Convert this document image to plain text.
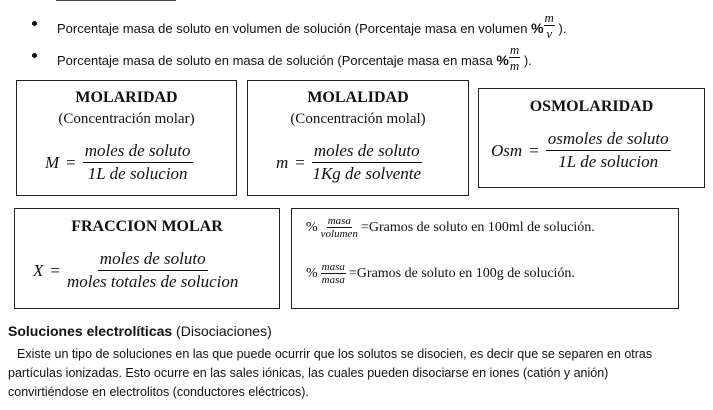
Porcentaje masa de soluto en volumen de solución (Porcentaje masa en volumen % $\frac{m}{v}$ ).
Porcentaje masa de soluto en masa de solución (Porcentaje masa en masa % $\frac{m}{m}$ ).
MOLARIDAD
(Concentración molar)
M =
moles de soluto
1L de solucion
MOLALIDAD
(Concentración molal)
m =
moles de soluto
1Kg de solvente
OSMOLARIDAD
Osm =
osmoles de soluto
1L de solucion
FRACCION MOLAR
X =
moles de soluto
moles totales de solucion
% masa
volumen =Gramos de soluto en 100ml de solución.
% masa
masa =Gramos de soluto en 100g de solución.
Soluciones electrolíticas (Disociaciones)
Existe un tipo de soluciones en las que puede ocurrir que los solutos se disocien, es decir que se separen en otras
partículas ionizadas. Esto ocurre en las sales iónicas, las cuales pueden disociarse en iones (catión y anión)
convirtiéndose en electrolitos (conductores eléctricos).
